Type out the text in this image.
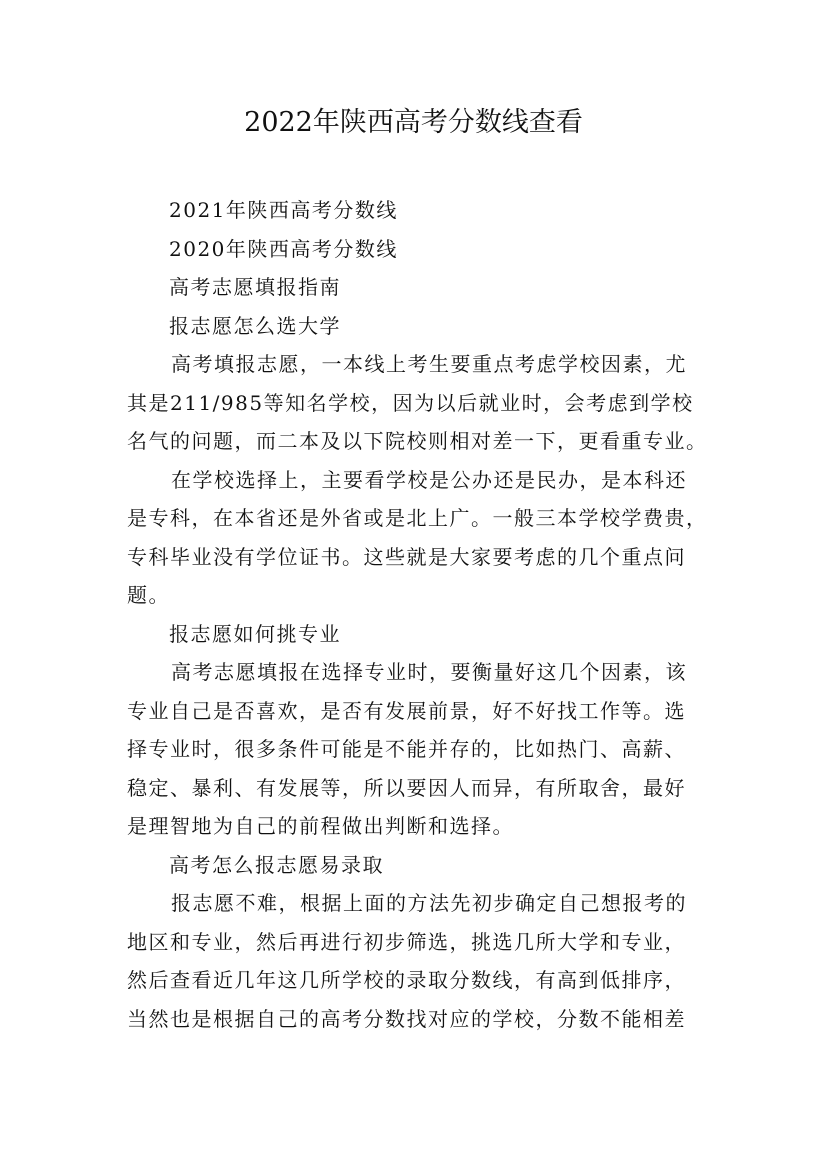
2022年陕西高考分数线查看

2021年陕西高考分数线

2020年陕西高考分数线

高考志愿填报指南

报志愿怎么选大学

高考填报志愿，一本线上考生要重点考虑学校因素，尤
其是211/985等知名学校，因为以后就业时，会考虑到学校
名气的问题，而二本及以下院校则相对差一下，更看重专业。

在学校选择上，主要看学校是公办还是民办，是本科还
是专科，在本省还是外省或是北上广。一般三本学校学费贵，
专科毕业没有学位证书。这些就是大家要考虑的几个重点问
题。

报志愿如何挑专业

高考志愿填报在选择专业时，要衡量好这几个因素，该
专业自己是否喜欢，是否有发展前景，好不好找工作等。选
择专业时，很多条件可能是不能并存的，比如热门、高薪、
稳定、暴利、有发展等，所以要因人而异，有所取舍，最好
是理智地为自己的前程做出判断和选择。

高考怎么报志愿易录取

报志愿不难，根据上面的方法先初步确定自己想报考的
地区和专业，然后再进行初步筛选，挑选几所大学和专业，
然后查看近几年这几所学校的录取分数线，有高到低排序，
当然也是根据自己的高考分数找对应的学校，分数不能相差
